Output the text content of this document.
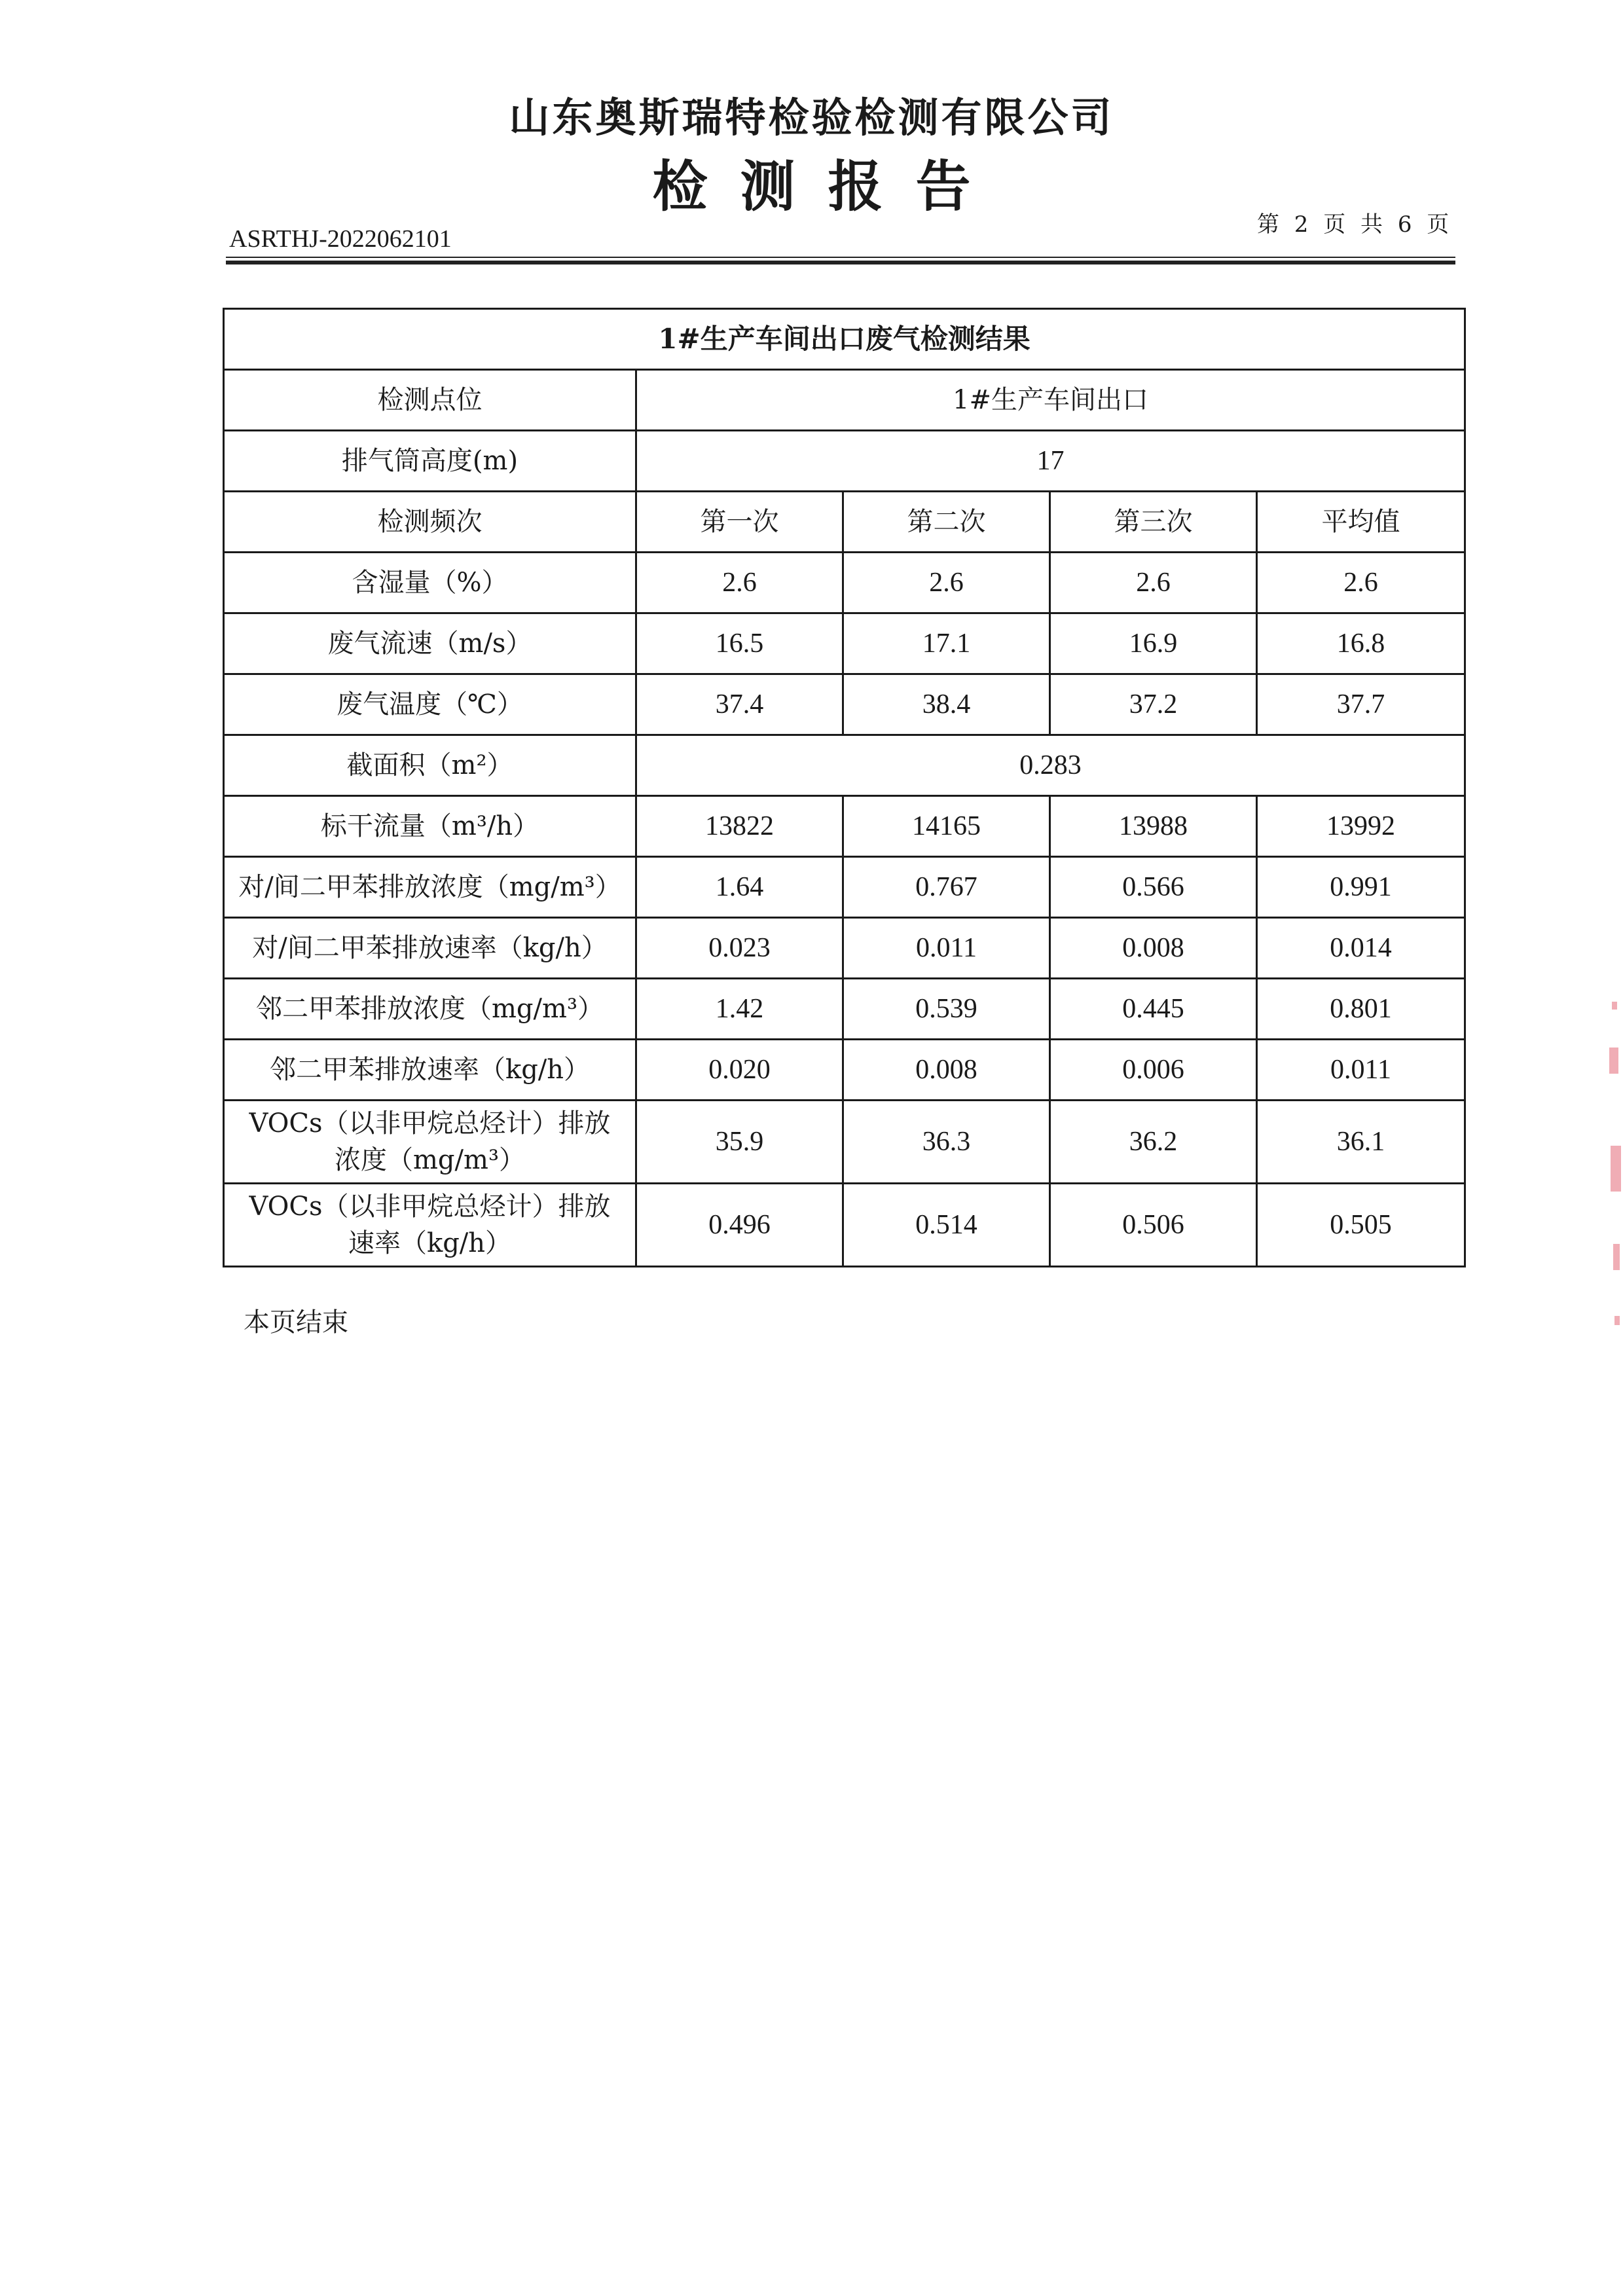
山东奥斯瑞特检验检测有限公司
检测报告
ASRTHJ-2022062101
第 2 页 共 6 页
1#生产车间出口废气检测结果				
检测点位	1#生产车间出口			
排气筒高度(m)	17			
检测频次	第一次	第二次	第三次	平均值
含湿量（%）	2.6	2.6	2.6	2.6
废气流速（m/s）	16.5	17.1	16.9	16.8
废气温度（℃）	37.4	38.4	37.2	37.7
截面积（m²）	0.283			
标干流量（m³/h）	13822	14165	13988	13992
对/间二甲苯排放浓度（mg/m³）	1.64	0.767	0.566	0.991
对/间二甲苯排放速率（kg/h）	0.023	0.011	0.008	0.014
邻二甲苯排放浓度（mg/m³）	1.42	0.539	0.445	0.801
邻二甲苯排放速率（kg/h）	0.020	0.008	0.006	0.011

VOCs（以非甲烷总烃计）排放
浓度（mg/m³）	35.9	36.3	36.2	36.1

VOCs（以非甲烷总烃计）排放
速率（kg/h）	0.496	0.514	0.506	0.505
本页结束
